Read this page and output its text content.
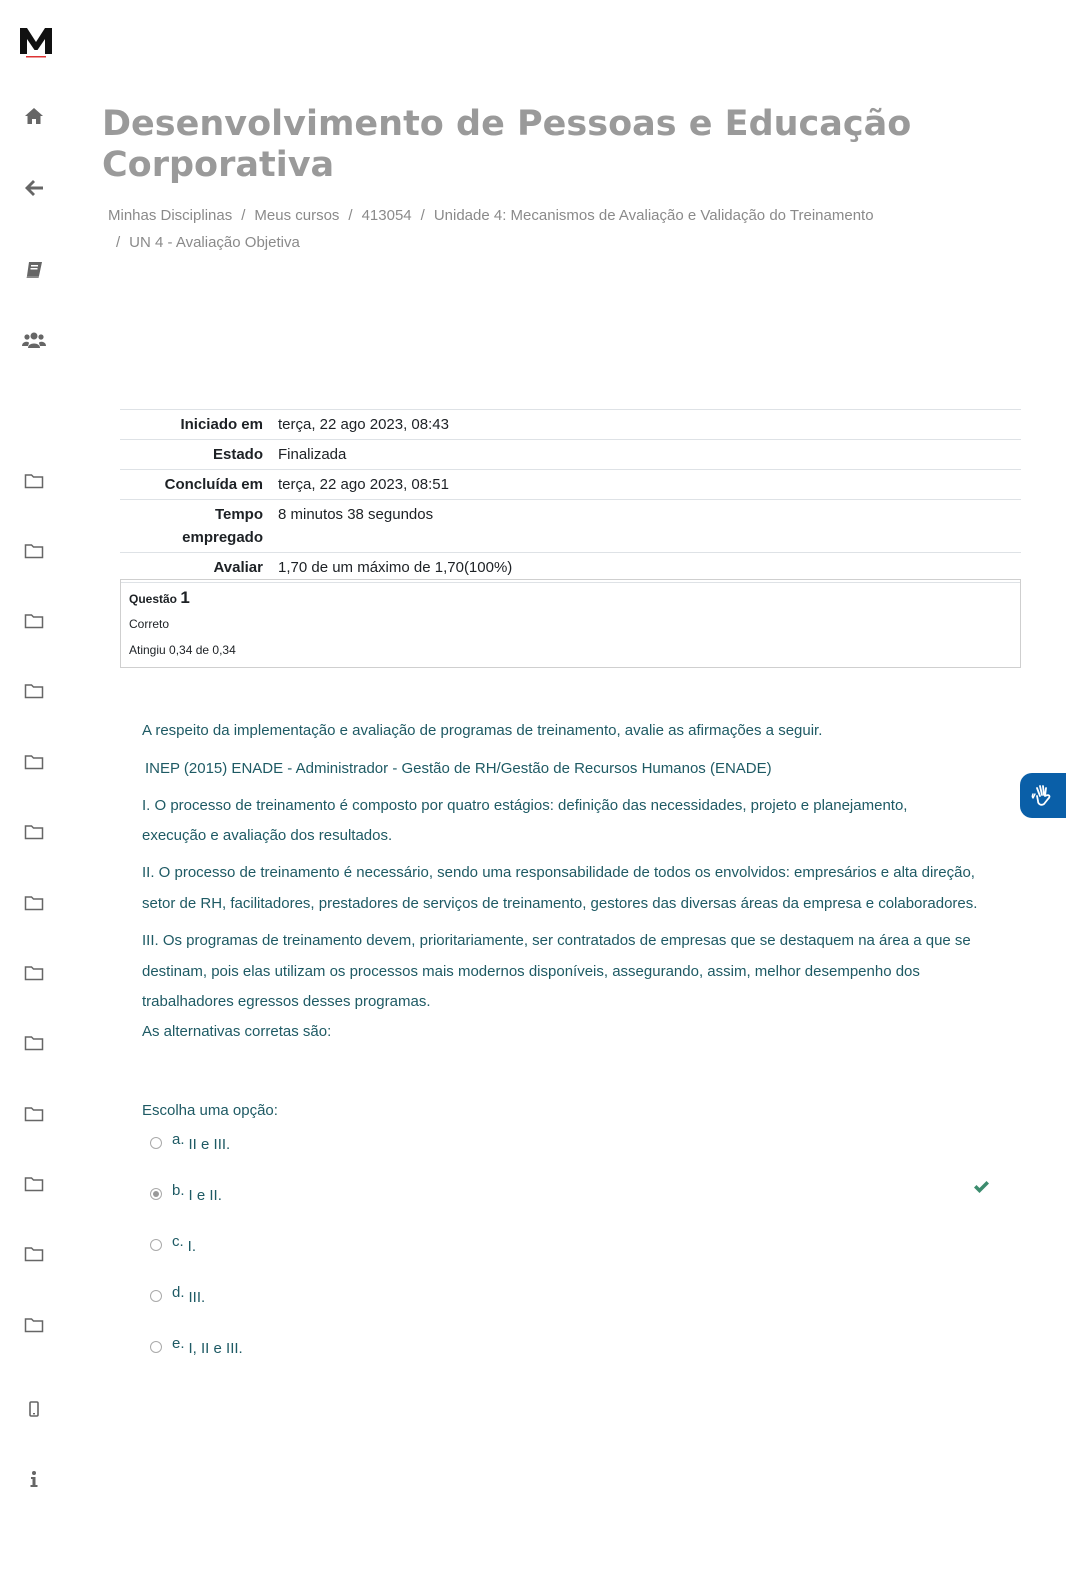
Desenvolvimento de Pessoas e Educação Corporativa
Minhas Disciplinas / Meus cursos / 413054 / Unidade 4: Mecanismos de Avaliação e Validação do Treinamento
/ UN 4 - Avaliação Objetiva
Iniciado em	terça, 22 ago 2023, 08:43
Estado	Finalizada
Concluída em	terça, 22 ago 2023, 08:51
Tempo
empregado	8 minutos 38 segundos
Avaliar	1,70 de um máximo de 1,70(100%)
Questão 1
Correto
Atingiu 0,34 de 0,34

A respeito da implementação e avaliação de programas de treinamento, avalie as afirmações a seguir.

INEP (2015) ENADE - Administrador - Gestão de RH/Gestão de Recursos Humanos (ENADE)

I. O processo de treinamento é composto por quatro estágios: definição das necessidades, projeto e planejamento, execução e avaliação dos resultados.

II. O processo de treinamento é necessário, sendo uma responsabilidade de todos os envolvidos: empresários e alta direção, setor de RH, facilitadores, prestadores de serviços de treinamento, gestores das diversas áreas da empresa e colaboradores.

III. Os programas de treinamento devem, prioritariamente, ser contratados de empresas que se destaquem na área a que se destinam, pois elas utilizam os processos mais modernos disponíveis, assegurando, assim, melhor desempenho dos trabalhadores egressos desses programas.

As alternativas corretas são:

Escolha uma opção:
a. II e III.
b. I e II.
c. I.
d. III.
e. I, II e III.
